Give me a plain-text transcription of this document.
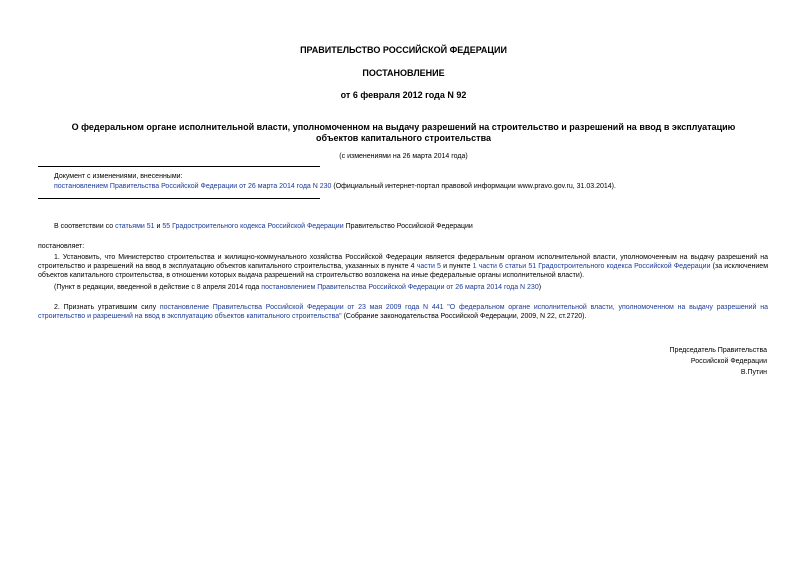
ПРАВИТЕЛЬСТВО РОССИЙСКОЙ ФЕДЕРАЦИИ
ПОСТАНОВЛЕНИЕ
от 6 февраля 2012 года N 92
О федеральном органе исполнительной власти, уполномоченном на выдачу разрешений на строительство и разрешений на ввод в эксплуатацию объектов капитального строительства
(с изменениями на 26 марта 2014 года)
Документ с изменениями, внесенными:
постановлением Правительства Российской Федерации от 26 марта 2014 года N 230 (Официальный интернет-портал правовой информации www.pravo.gov.ru, 31.03.2014).
В соответствии со статьями 51 и 55 Градостроительного кодекса Российской Федерации Правительство Российской Федерации
постановляет:
1. Установить, что Министерство строительства и жилищно-коммунального хозяйства Российской Федерации является федеральным органом исполнительной власти, уполномоченным на выдачу разрешений на строительство и разрешений на ввод в эксплуатацию объектов капитального строительства, указанных в пункте 4 части 5 и пункте 1 части 6 статьи 51 Градостроительного кодекса Российской Федерации (за исключением объектов капитального строительства, в отношении которых выдача разрешений на строительство возложена на иные федеральные органы исполнительной власти).
(Пункт в редакции, введенной в действие с 8 апреля 2014 года постановлением Правительства Российской Федерации от 26 марта 2014 года N 230)
2. Признать утратившим силу постановление Правительства Российской Федерации от 23 мая 2009 года N 441 "О федеральном органе исполнительной власти, уполномоченном на выдачу разрешений на строительство и разрешений на ввод в эксплуатацию объектов капитального строительства" (Собрание законодательства Российской Федерации, 2009, N 22, ст.2720).
Председатель Правительства
Российской Федерации
В.Путин
